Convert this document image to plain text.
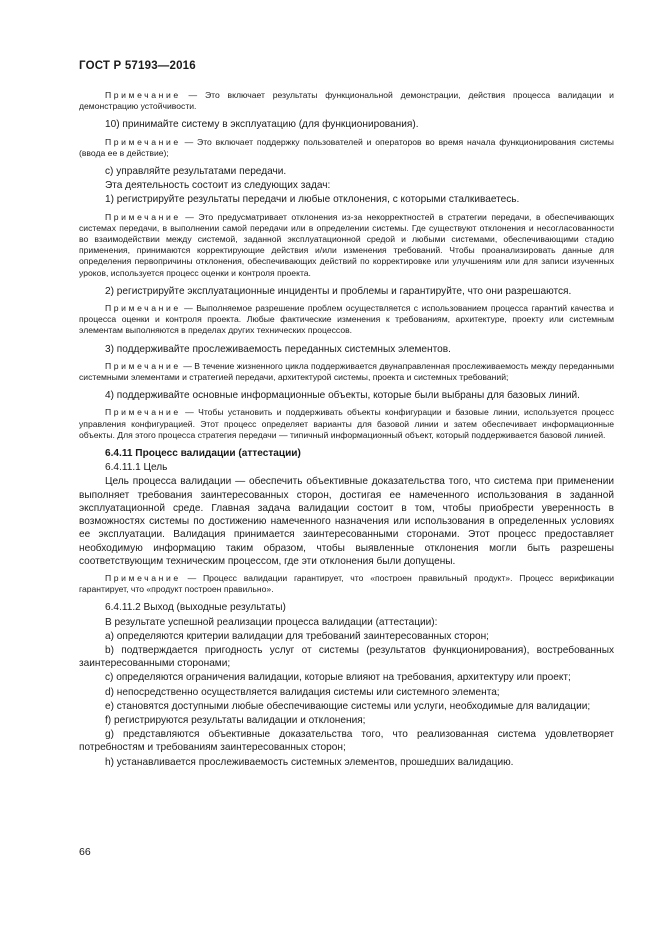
ГОСТ Р 57193—2016

Примечание — Это включает результаты функциональной демонстрации, действия процесса валидации и демонстрацию устойчивости.

10) принимайте систему в эксплуатацию (для функционирования).

Примечание — Это включает поддержку пользователей и операторов во время начала функционирования системы (ввода ее в действие);

c) управляйте результатами передачи.

Эта деятельность состоит из следующих задач:

1) регистрируйте результаты передачи и любые отклонения, с которыми сталкиваетесь.

Примечание — Это предусматривает отклонения из-за некорректностей в стратегии передачи, в обеспечивающих системах передачи, в выполнении самой передачи или в определении системы. Где существуют отклонения и несогласованности во взаимодействии между системой, заданной эксплуатационной средой и любыми системами, обеспечивающими стадию применения, принимаются корректирующие действия и/или изменения требований. Чтобы проанализировать данные для определения первопричины отклонения, обеспечивающих действий по корректировке или улучшениям или для записи изученных уроков, используется процесс оценки и контроля проекта.

2) регистрируйте эксплуатационные инциденты и проблемы и гарантируйте, что они разрешаются.

Примечание — Выполняемое разрешение проблем осуществляется с использованием процесса гарантий качества и процесса оценки и контроля проекта. Любые фактические изменения к требованиям, архитектуре, проекту или системным элементам выполняются в пределах других технических процессов.

3) поддерживайте прослеживаемость переданных системных элементов.

Примечание — В течение жизненного цикла поддерживается двунаправленная прослеживаемость между переданными системными элементами и стратегией передачи, архитектурой системы, проекта и системных требований;

4) поддерживайте основные информационные объекты, которые были выбраны для базовых линий.

Примечание — Чтобы установить и поддерживать объекты конфигурации и базовые линии, используется процесс управления конфигурацией. Этот процесс определяет варианты для базовой линии и затем обеспечивает информационные объекты. Для этого процесса стратегия передачи — типичный информационный объект, который поддерживается базовой линией.

6.4.11 Процесс валидации (аттестации)

6.4.11.1 Цель

Цель процесса валидации — обеспечить объективные доказательства того, что система при применении выполняет требования заинтересованных сторон, достигая ее намеченного использования в заданной эксплуатационной среде. Главная задача валидации состоит в том, чтобы приобрести уверенность в возможностях системы по достижению намеченного назначения или использования в определенных условиях ее эксплуатации. Валидация принимается заинтересованными сторонами. Этот процесс предоставляет необходимую информацию таким образом, чтобы выявленные отклонения могли быть разрешены соответствующим техническим процессом, где эти отклонения были допущены.

Примечание — Процесс валидации гарантирует, что «построен правильный продукт». Процесс верификации гарантирует, что «продукт построен правильно».

6.4.11.2 Выход (выходные результаты)

В результате успешной реализации процесса валидации (аттестации):

a) определяются критерии валидации для требований заинтересованных сторон;

b) подтверждается пригодность услуг от системы (результатов функционирования), востребованных заинтересованными сторонами;

c) определяются ограничения валидации, которые влияют на требования, архитектуру или проект;

d) непосредственно осуществляется валидация системы или системного элемента;

e) становятся доступными любые обеспечивающие системы или услуги, необходимые для валидации;

f) регистрируются результаты валидации и отклонения;

g) представляются объективные доказательства того, что реализованная система удовлетворяет потребностям и требованиям заинтересованных сторон;

h) устанавливается прослеживаемость системных элементов, прошедших валидацию.

66
